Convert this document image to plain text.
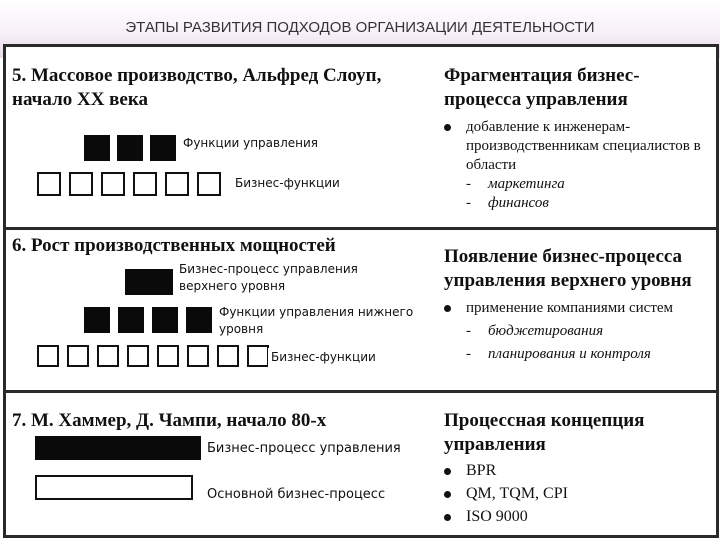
ЭТАПЫ РАЗВИТИЯ ПОДХОДОВ ОРГАНИЗАЦИИ ДЕЯТЕЛЬНОСТИ

5. Массовое производство, Альфред Слоуп, начало XX века

Фрагментация бизнес-процесса управления

Функции управления
Бизнес-функции
добавление к инженерам-производственникам специалистов в области
- маркетинга
- финансов

6. Рост производственных мощностей

Появление бизнес-процесса управления верхнего уровня

Бизнес-процесс управления верхнего уровня
Функции управления нижнего уровня
Бизнес-функции
применение компаниями систем
- бюджетирования
- планирования и контроля

7. М. Хаммер, Д. Чампи, начало 80-х	Процессная концепция управления

Бизнес-процесс управления
Основной бизнес-процесс
BPR
QM, TQM, CPI
ISO 9000
